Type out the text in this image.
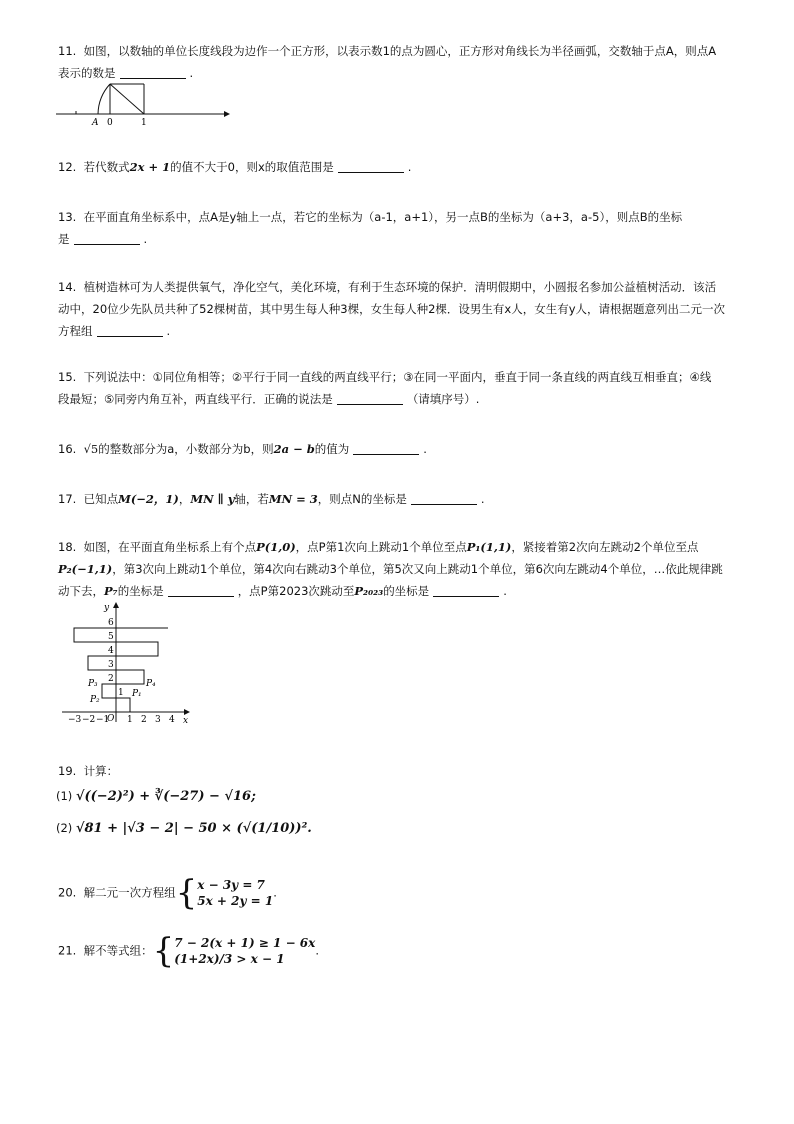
11. 如图，以数轴的单位长度线段为边作一个正方形，以表示数1的点为圆心，正方形对角线长为半径画弧，交数轴于点A，则点A
表示的数是	.
A 0	1
12. 若代数式2x + 1的值不大于0，则x的取值范围是	.
13. 在平面直角坐标系中，点A是y轴上一点，若它的坐标为（a-1，a+1），另一点B的坐标为（a+3，a-5），则点B的坐标
是	.
14. 植树造林可为人类提供氧气，净化空气，美化环境，有利于生态环境的保护．清明假期中，小圆报名参加公益植树活动．该活
动中，20位少先队员共种了52棵树苗，其中男生每人种3棵，女生每人种2棵．设男生有x人，女生有y人，请根据题意列出二元一次
方程组	.
15. 下列说法中：①同位角相等；②平行于同一直线的两直线平行；③在同一平面内，垂直于同一条直线的两直线互相垂直；④线
段最短；⑤同旁内角互补，两直线平行．正确的说法是	（请填序号）.
16. √5的整数部分为a，小数部分为b，则2a − b的值为	.
17. 已知点M(−2，1)，MN ∥ y轴，若MN = 3，则点N的坐标是	.
18. 如图，在平面直角坐标系上有个点P(1,0)，点P第1次向上跳动1个单位至点P₁(1,1)，紧接着第2次向左跳动2个单位至点
P₂(−1,1)，第3次向上跳动1个单位，第4次向右跳动3个单位，第5次又向上跳动1个单位，第6次向左跳动4个单位，…依此规律跳
动下去，P₇的坐标是	，点P第2023次跳动至P₂₀₂₃的坐标是	.
x
y
O
−3 −2 −1 1 2 3 4
1
2
3
4
5
6
P₁
P₂
P₃	P₄
19. 计算：
(1) √((−2)²) + ∛(−27) − √16;
(2) √81 + |√3 − 2| − 50 × (√(1/10))².
20. 解二元一次方程组{ x − 3y = 7
5x + 2y = 1
.
21. 解不等式组：{ 7 − 2(x + 1) ≥ 1 − 6x
(1+2x)/3 > x − 1
.
